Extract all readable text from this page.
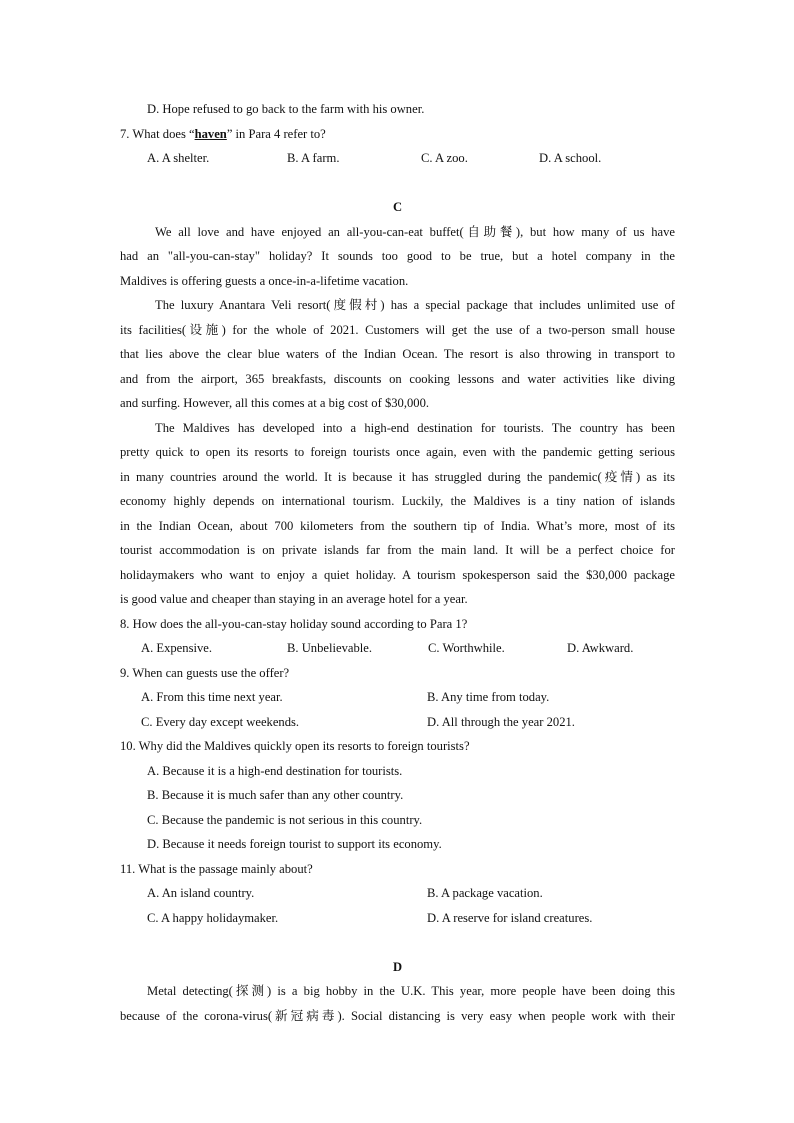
D. Hope refused to go back to the farm with his owner.
7. What does “haven” in Para 4 refer to?
A. A shelter.	B. A farm.	C. A zoo.	D. A school.
C
We all love and have enjoyed an all-you-can-eat buffet(自助餐), but how many of us have
had an "all-you-can-stay" holiday? It sounds too good to be true, but a hotel company in the
Maldives is offering guests a once-in-a-lifetime vacation.
The luxury Anantara Veli resort(度假村) has a special package that includes unlimited use of
its facilities(设施) for the whole of 2021. Customers will get the use of a two-person small house
that lies above the clear blue waters of the Indian Ocean. The resort is also throwing in transport to
and from the airport, 365 breakfasts, discounts on cooking lessons and water activities like diving
and surfing. However, all this comes at a big cost of $30,000.
The Maldives has developed into a high-end destination for tourists. The country has been
pretty quick to open its resorts to foreign tourists once again, even with the pandemic getting serious
in many countries around the world. It is because it has struggled during the pandemic(疫情) as its
economy highly depends on international tourism. Luckily, the Maldives is a tiny nation of islands
in the Indian Ocean, about 700 kilometers from the southern tip of India. What’s more, most of its
tourist accommodation is on private islands far from the main land. It will be a perfect choice for
holidaymakers who want to enjoy a quiet holiday. A tourism spokesperson said the $30,000 package
is good value and cheaper than staying in an average hotel for a year.
8. How does the all-you-can-stay holiday sound according to Para 1?
A. Expensive.	B. Unbelievable.	C. Worthwhile.	D. Awkward.
9. When can guests use the offer?
A. From this time next year.	B. Any time from today.
C. Every day except weekends.	D. All through the year 2021.
10. Why did the Maldives quickly open its resorts to foreign tourists?
A. Because it is a high-end destination for tourists.
B. Because it is much safer than any other country.
C. Because the pandemic is not serious in this country.
D. Because it needs foreign tourist to support its economy.
11. What is the passage mainly about?
A. An island country.	B. A package vacation.
C. A happy holidaymaker.	D. A reserve for island creatures.
D
Metal detecting(探测) is a big hobby in the U.K. This year, more people have been doing this
because of the corona-virus(新冠病毒). Social distancing is very easy when people work with their
